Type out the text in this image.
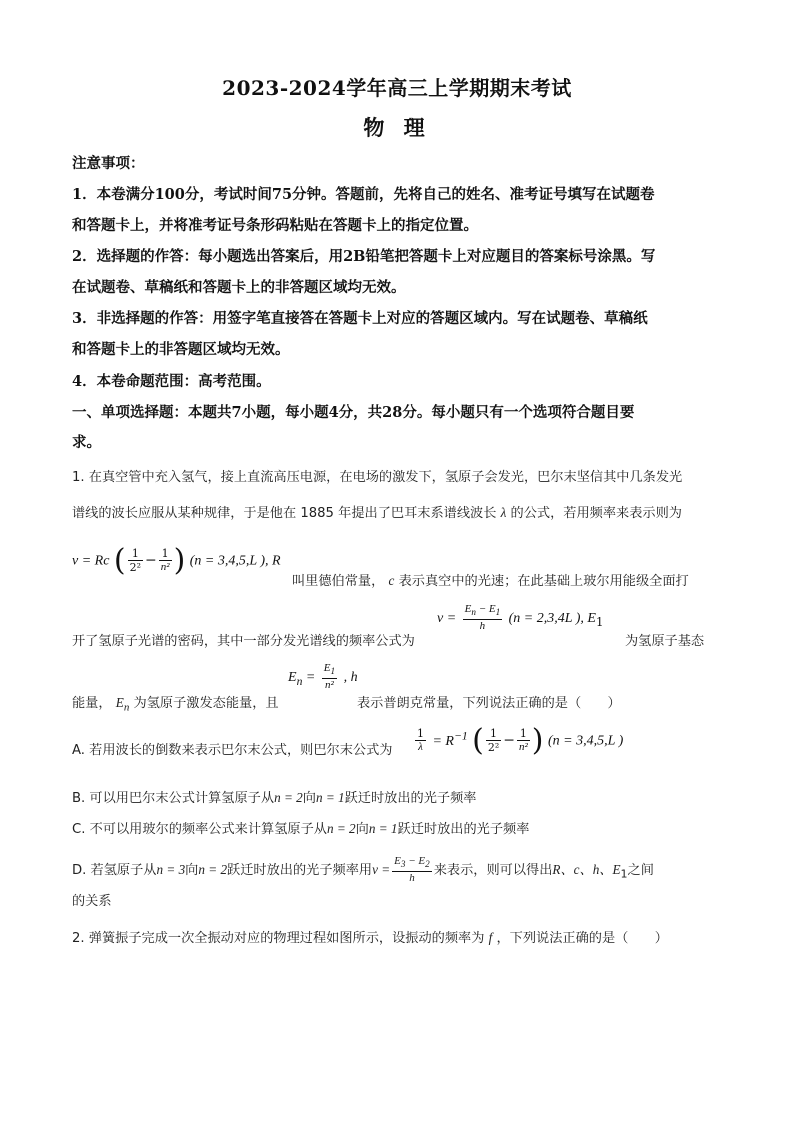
2023-2024学年高三上学期期末考试
物 理
注意事项：
1．本卷满分100分，考试时间75分钟。答题前，先将自己的姓名、准考证号填写在试题卷
和答题卡上，并将准考证号条形码粘贴在答题卡上的指定位置。
2．选择题的作答：每小题选出答案后，用2B铅笔把答题卡上对应题目的答案标号涂黑。写
在试题卷、草稿纸和答题卡上的非答题区域均无效。
3．非选择题的作答：用签字笔直接答在答题卡上对应的答题区域内。写在试题卷、草稿纸
和答题卡上的非答题区域均无效。
4．本卷命题范围：高考范围。
一、单项选择题：本题共7小题，每小题4分，共28分。每小题只有一个选项符合题目要
求。
1. 在真空管中充入氢气，接上直流高压电源，在电场的激发下，氢原子会发光，巴尔末坚信其中几条发光
谱线的波长应服从某种规律，于是他在 1885 年提出了巴耳末系谱线波长 λ 的公式，若用频率来表示则为
ν = Rc ( $\frac{1}{\text{2²}} - \frac{1}{\text{n²}}$ ) (n = 3,4,5,L ), R
叫里德伯常量， c 表示真空中的光速；在此基础上玻尔用能级全面打
开了氢原子光谱的密码，其中一部分发光谱线的频率公式为
$\nu = \frac{E_n - E_1}{h} (n = 2,3,4L$ ), $E_1$
为氢原子基态
能量， $E_n$ 为氢原子激发态能量，且
$E_n = \frac{E_1}{\text{n²}}$ , h
表示普朗克常量，下列说法正确的是（　　）
A. 若用波长的倒数来表示巴尔末公式，则巴尔末公式为 $\frac{1}{\lambda} = R^{-1}$ ( $\frac{1}{\text{2²}} - \frac{1}{\text{n²}}$ ) (n = 3,4,5,L )
B. 可以用巴尔末公式计算氢原子从n = 2向n = 1跃迁时放出的光子频率
C. 不可以用玻尔的频率公式来计算氢原子从n = 2向n = 1跃迁时放出的光子频率
D. 若氢原子从n = 3向n = 2跃迁时放出的光子频率用$\nu = \frac{E_3 - E_2}{h}$ 来表示，则可以得出R、c、h、$E_1$之间
的关系
2. 弹簧振子完成一次全振动对应的物理过程如图所示，设振动的频率为 f ，下列说法正确的是（　　）
